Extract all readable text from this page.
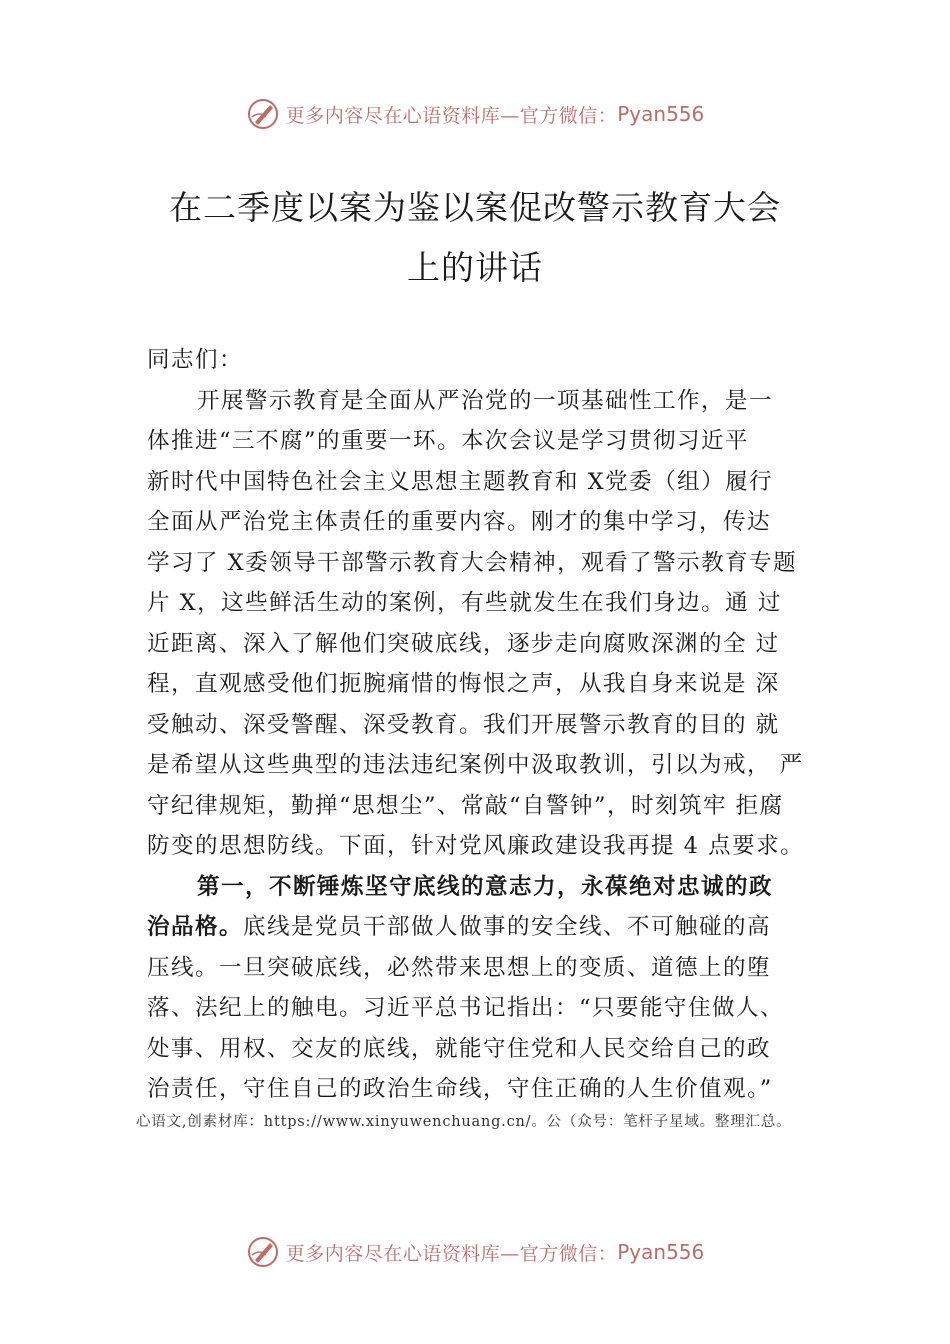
更多内容尽在心语资料库—官方微信： Pyan556
在二季度以案为鉴以案促改警示教育大会
上的讲话
同志们：
开展警示教育是全面从严治党的一项基础性工作，是一
体推进“三不腐”的重要一环。本次会议是学习贯彻习近平
新时代中国特色社会主义思想主题教育和 X党委（组）履行
全面从严治党主体责任的重要内容。刚才的集中学习，传达
学习了 X委领导干部警示教育大会精神，观看了警示教育专题
片 X，这些鲜活生动的案例，有些就发生在我们身边。通 过
近距离、深入了解他们突破底线，逐步走向腐败深渊的全 过
程，直观感受他们扼腕痛惜的悔恨之声，从我自身来说是 深
受触动、深受警醒、深受教育。我们开展警示教育的目的 就
是希望从这些典型的违法违纪案例中汲取教训，引以为戒， 严
守纪律规矩，勤掸“思想尘”、常敲“自警钟”，时刻筑牢 拒腐
防变的思想防线。下面，针对党风廉政建设我再提 4 点要求。
第一，不断锤炼坚守底线的意志力，永葆绝对忠诚的政
治品格。底线是党员干部做人做事的安全线、不可触碰的高
压线。一旦突破底线，必然带来思想上的变质、道德上的堕
落、法纪上的触电。习近平总书记指出：“只要能守住做人、
处事、用权、交友的底线，就能守住党和人民交给自己的政
治责任，守住自己的政治生命线，守住正确的人生价值观。”
心语文,创素材库：https://www.xinyuwenchuang.cn/。公（众号：笔杆子星域。整理汇总。
更多内容尽在心语资料库—官方微信： Pyan556
